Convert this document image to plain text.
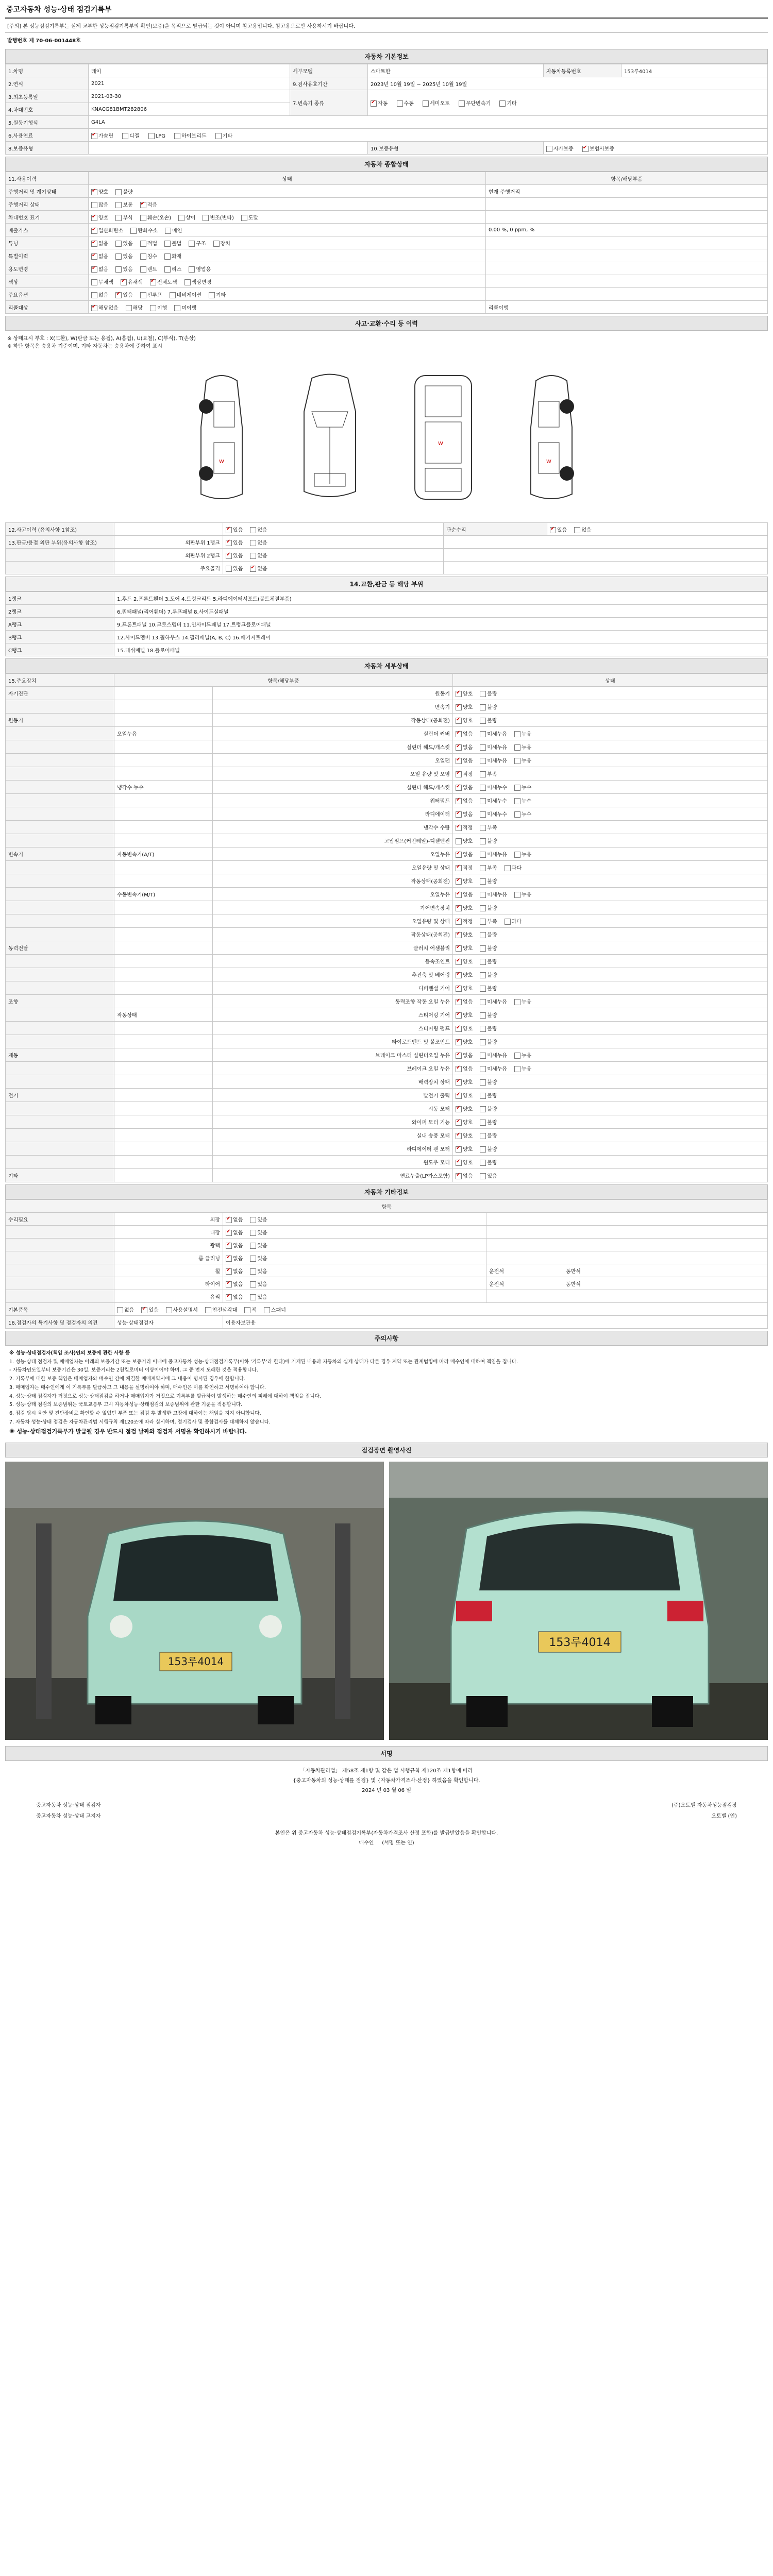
중고자동차 성능·상태 점검기록부
[주의] 본 성능점검기록부는 실제 교부한 성능점검기록부의 확인(보증)을 목적으로 발급되는 것이 아니며 참고용입니다. 참고용으로만 사용하시기 바랍니다.
발행번호 제 70-06-001448호
자동차 기본정보
1.차명	레이	세부모델	스마트한	자동차등록번호	153루4014
2.연식	2021	9.검사유효기간	2023년 10월 19일 ~ 2025년 10월 19일		
3.최초등록일	2021-03-30	7.변속기 종류	✔자동 수동 세미오토 무단변속기 기타
4.차대번호	KNACG81BMT282806				
5.원동기형식	G4LA				
6.사용연료	✔가솔린 디젤 LPG 하이브리드 기타
8.보증유형			10.보증유형	자가보증 ✔ 보험사보증
자동차 종합상태
11.사용이력	상태	항목/해당부품
주행거리 및 계기상태	✔양호 불량	현재 주행거리
주행거리 상태	많음 보통 ✔ 적음	
차대번호 표기	✔양호 부식 훼손(오손) 상이 변조(변타) 도말	
배출가스	✔일산화탄소 탄화수소 매연	0.00 %, 0 ppm, %
튜닝	✔없음 있음 적법 불법 구조 장치	
특별이력	✔없음 있음 침수 화재	
용도변경	✔없음 있음 렌트 리스 영업용	
색상	무채색 ✔ 유채색 ✔ 전체도색 색상변경	
주요옵션	없음 ✔ 있음 선루프 네비게이션 기타	
리콜대상	✔해당없음 해당 이행 미이행	리콜이행
사고·교환·수리 등 이력
※ 상태표시 부호 : X(교환), W(판금 또는 용접), A(흠집), U(요철), C(부식), T(손상)
※ 하단 항목은 승용차 기준이며, 기타 자동차는 승용차에 준하여 표시
W
W
W
12.사고이력 (유의사항 1참조)		✔있음 없음	단순수리	✔있음 없음
13.판금/용접 외판 부위(유의사항 참조)	외판부위 1랭크	✔있음 없음	
	외판부위 2랭크	✔있음 없음	
	주요골격	있음 ✔ 없음	
14.교환,판금 등 해당 부위
1랭크	1.후드 2.프론트휀더 3.도어 4.트렁크리드 5.라디에이터서포트(볼트체결부품)
2랭크	6.쿼터패널(리어휀더) 7.루프패널 8.사이드실패널
A랭크	9.프론트패널 10.크로스멤버 11.인사이드패널 17.트렁크플로어패널
B랭크	12.사이드멤버 13.휠하우스 14.필러패널(A, B, C) 16.패키지트레이
C랭크	15.대쉬패널 18.플로어패널
자동차 세부상태
15.주요장치	항목/해당부품		상태
자기진단		원동기	✔양호 불량
		변속기	✔양호 불량
원동기		작동상태(공회전)	✔양호 불량
	오일누유	실린더 커버	✔없음 미세누유 누유
		실린더 헤드/개스킷	✔없음 미세누유 누유
		오일팬	✔없음 미세누유 누유
		오일 유량 및 오염	✔적정 부족
	냉각수 누수	실린더 헤드/개스킷	✔없음 미세누수 누수
		워터펌프	✔없음 미세누수 누수
		라디에이터	✔없음 미세누수 누수
		냉각수 수량	✔적정 부족
		고압펌프(커먼레일)-디젤엔진	양호 불량
변속기	자동변속기(A/T)	오일누유	✔없음 미세누유 누유
		오일유량 및 상태	✔적정 부족 과다
		작동상태(공회전)	✔양호 불량
	수동변속기(M/T)	오일누유	✔없음 미세누유 누유
		기어변속장치	✔양호 불량
		오일유량 및 상태	✔적정 부족 과다
		작동상태(공회전)	✔양호 불량
동력전달		클러치 어셈블리	✔양호 불량
		등속조인트	✔양호 불량
		추진축 및 베어링	✔양호 불량
		디퍼렌셜 기어	✔양호 불량
조향		동력조향 작동 오일 누유	✔없음 미세누유 누유
	작동상태	스티어링 기어	✔양호 불량
		스티어링 펌프	✔양호 불량
		타이로드엔드 및 볼조인트	✔양호 불량
제동		브레이크 마스터 실린더오일 누유	✔없음 미세누유 누유
		브레이크 오일 누유	✔없음 미세누유 누유
		배력장치 상태	✔양호 불량
전기		발전기 출력	✔양호 불량
		시동 모터	✔양호 불량
		와이퍼 모터 기능	✔양호 불량
		실내 송풍 모터	✔양호 불량
		라디에이터 팬 모터	✔양호 불량
		윈도우 모터	✔양호 불량
기타		연료누출(LP가스포함)	✔없음 있음
자동차 기타정보
항목			
수리필요	외장	✔없음 있음	
	내장	✔없음 있음	
	광택	✔없음 있음	
	룸 클리닝	✔없음 있음	
	휠	✔없음 있음	운전석 동반석
	타이어	✔없음 있음	운전석 동반석
	유리	✔없음 있음	
기본품목	없음 ✔ 있음 사용설명서 안전삼각대 잭 스패너
16.점검자의 특기사항 및 점검자의 의견	성능·상태점검자	이용자보관용	
주의사항

※ 성능·상태점검자(책임 조사)인의 보증에 관한 사항 등

1. 성능·상태 점검자 및 매매업자는 아래의 보증기간 또는 보증거리 이내에 중고자동차 성능·상태점검기록부(이하 '기록부'라 한다)에 기재된 내용과 자동차의 실제 상태가 다른 경우 계약 또는 관계법령에 따라 매수인에 대하여 책임을 집니다.

- 자동차인도일부터 보증기간은 30일, 보증거리는 2천킬로미터 이상이어야 하며, 그 중 먼저 도래한 것을 적용합니다.

2. 기록부에 대한 보증 책임은 매매업자와 매수인 간에 체결한 매매계약서에 그 내용이 명시된 경우에 한합니다.

3. 매매업자는 매수인에게 이 기록부를 발급하고 그 내용을 설명하여야 하며, 매수인은 이를 확인하고 서명하여야 합니다.

4. 성능·상태 점검자가 거짓으로 성능·상태점검을 하거나 매매업자가 거짓으로 기록부를 발급하여 발생하는 매수인의 피해에 대하여 책임을 집니다.

5. 성능·상태 점검의 보증범위는 국토교통부 고시 자동차성능·상태점검의 보증범위에 관한 기준을 적용합니다.

6. 점검 당시 육안 및 진단장비로 확인할 수 없었던 부품 또는 점검 후 발생한 고장에 대하여는 책임을 지지 아니합니다.

7. 자동차 성능·상태 점검은 자동차관리법 시행규칙 제120조에 따라 실시하며, 정기검사 및 종합검사를 대체하지 않습니다.

※ 성능·상태점검기록부가 발급될 경우 반드시 점검 날짜와 점검자 서명을 확인하시기 바랍니다.

점검장면 촬영사진
153루4014
153루4014
서명
「자동차관리법」 제58조 제1항 및 같은 법 시행규칙 제120조 제1항에 따라
{중고자동차의 성능·상태를 점검} 및 {자동차가격조사·산정} 하였음을 확인합니다.
2024 년 03 월 06 일
중고자동차 성능·상태 점검자	(주)오토벨 자동차성능점검장
중고자동차 성능·상태 고지자	오토벨 (인)
본인은 위 중고자동차 성능·상태점검기록부(자동차가격조사 산정 포함)를 발급받았음을 확인합니다.
매수인 (서명 또는 인)
